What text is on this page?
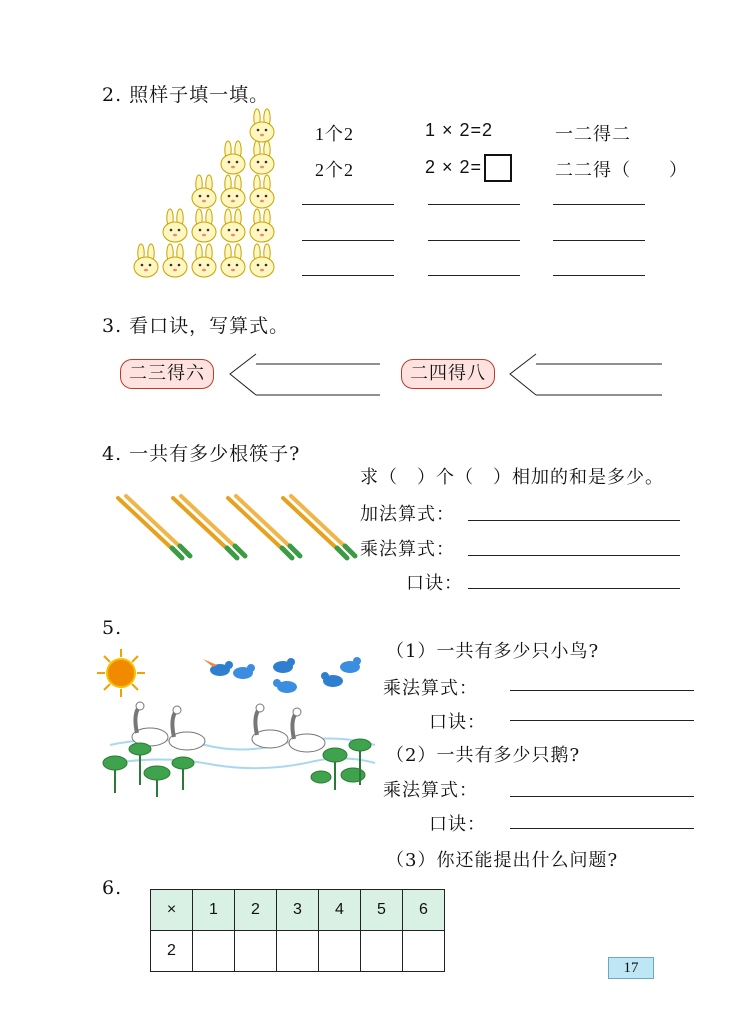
2. 照样子填一填。
1个2	1 × 2=2	一二得二
2个2	2 × 2=	二二得（　　）
3. 看口诀，写算式。
二三得六	二四得八
4. 一共有多少根筷子?
求（　）个（　）相加的和是多少。
加法算式：
乘法算式：
口诀：
5.
（1）一共有多少只小鸟?
乘法算式：
口诀：
（2）一共有多少只鹅?
乘法算式：
口诀：
（3）你还能提出什么问题?
6.
×	1	2	3	4	5	6
2						
17
